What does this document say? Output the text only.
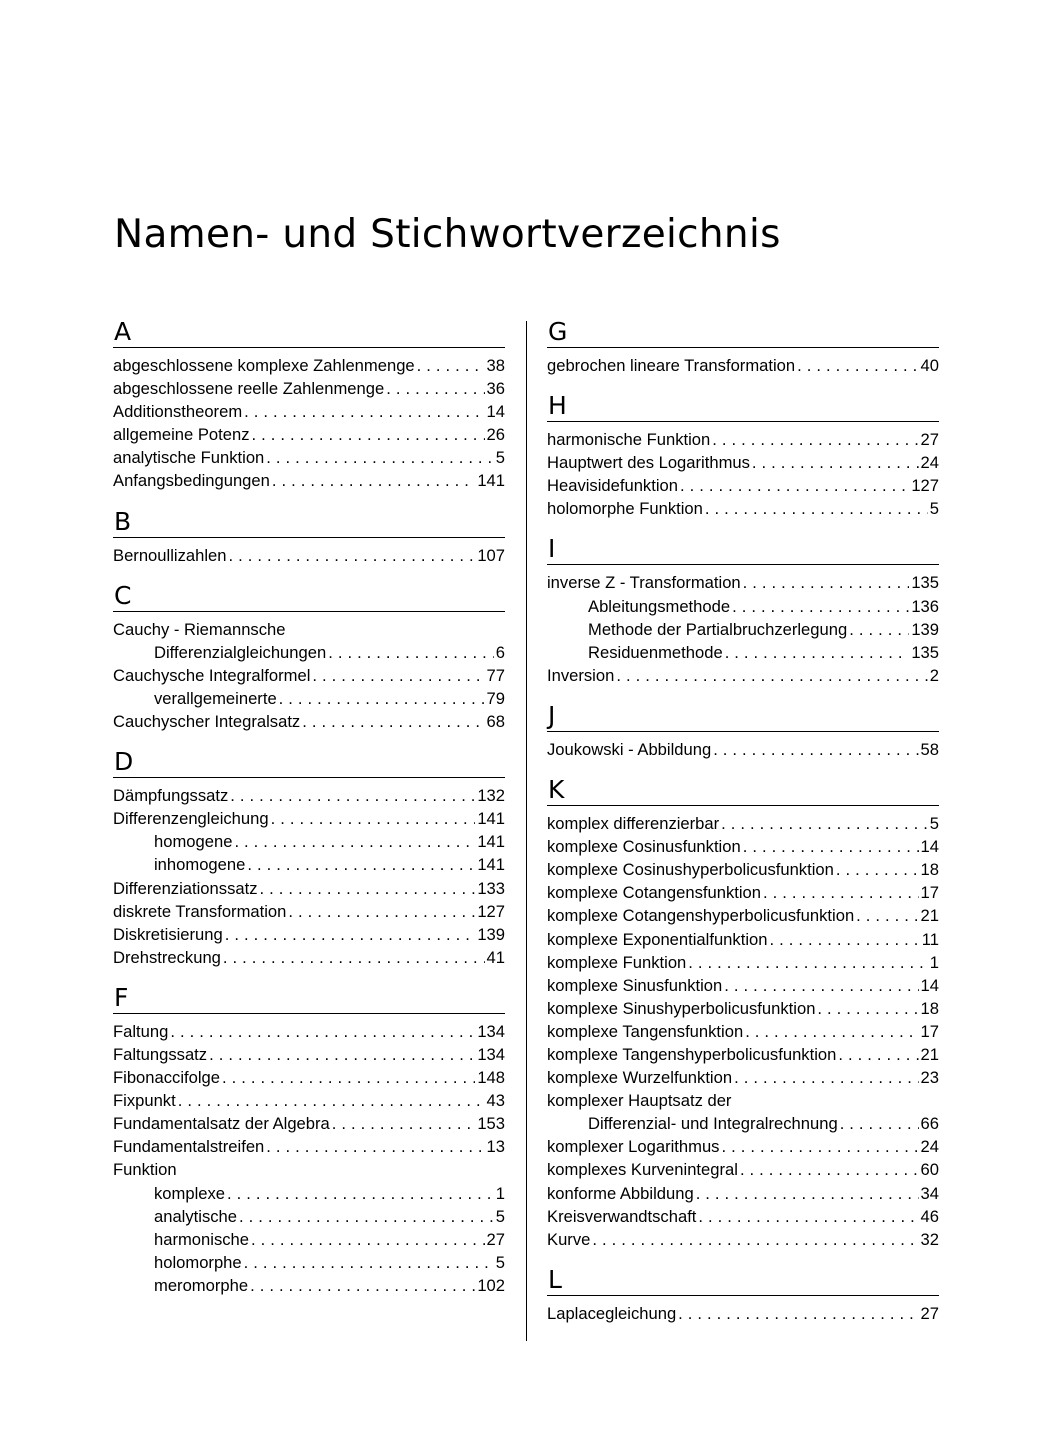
Namen- und Stichwortverzeichnis
A
abgeschlossene komplexe Zahlenmenge . . .	38
abgeschlossene reelle Zahlenmenge . . .	36
Additionstheorem . . .	14
allgemeine Potenz . . .	26
analytische Funktion . . .	5
Anfangsbedingungen . . .	141
B
Bernoullizahlen . . .	107
C
Cauchy - Riemannsche
Differenzialgleichungen . . .	6
Cauchysche Integralformel . . .	77
verallgemeinerte . . .	79
Cauchyscher Integralsatz . . .	68
D
Dämpfungssatz . . .	132
Differenzengleichung . . .	141
homogene . . .	141
inhomogene . . .	141
Differenziationssatz . . .	133
diskrete Transformation . . .	127
Diskretisierung . . .	139
Drehstreckung . . .	41
F
Faltung . . .	134
Faltungssatz . . .	134
Fibonaccifolge . . .	148
Fixpunkt . . .	43
Fundamentalsatz der Algebra . . .	153
Fundamentalstreifen . . .	13
Funktion
komplexe . . .	1
analytische . . .	5
harmonische . . .	27
holomorphe . . .	5
meromorphe . . .	102
G
gebrochen lineare Transformation . . .	40
H
harmonische Funktion . . .	27
Hauptwert des Logarithmus . . .	24
Heavisidefunktion . . .	127
holomorphe Funktion . . .	5
I
inverse Z - Transformation . . .	135
Ableitungsmethode . . .	136
Methode der Partialbruchzerlegung . . .	139
Residuenmethode . . .	135
Inversion . . .	2
J
Joukowski - Abbildung . . .	58
K
komplex differenzierbar . . .	5
komplexe Cosinusfunktion . . .	14
komplexe Cosinushyperbolicusfunktion . . .	18
komplexe Cotangensfunktion . . .	17
komplexe Cotangenshyperbolicusfunktion . . .	21
komplexe Exponentialfunktion . . .	11
komplexe Funktion . . .	1
komplexe Sinusfunktion . . .	14
komplexe Sinushyperbolicusfunktion . . .	18
komplexe Tangensfunktion . . .	17
komplexe Tangenshyperbolicusfunktion . . .	21
komplexe Wurzelfunktion . . .	23
komplexer Hauptsatz der
Differenzial- und Integralrechnung . . .	66
komplexer Logarithmus . . .	24
komplexes Kurvenintegral . . .	60
konforme Abbildung . . .	34
Kreisverwandtschaft . . .	46
Kurve . . .	32
L
Laplacegleichung . . .	27
